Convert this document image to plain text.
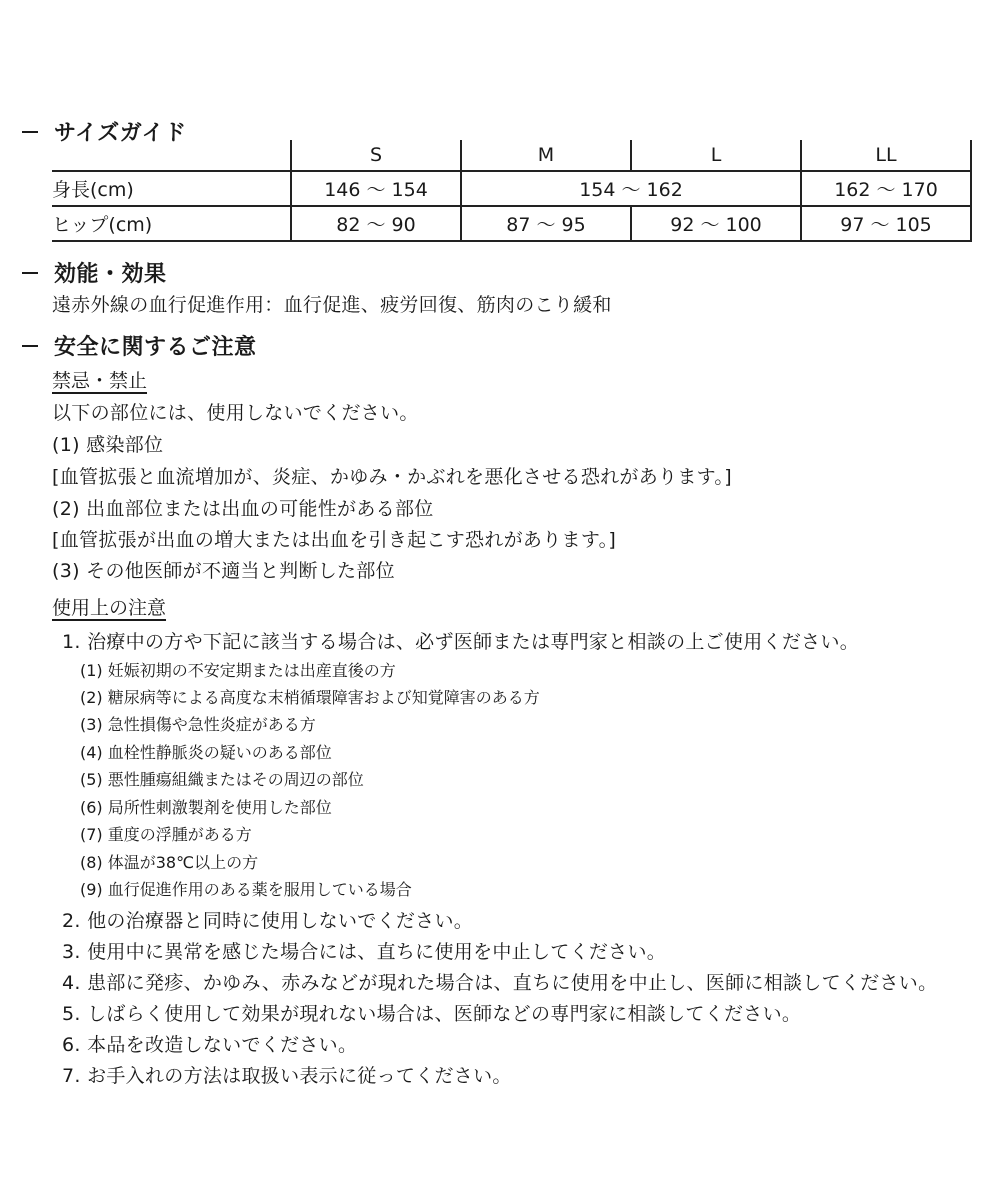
サイズガイド
	S	M	L	LL
身長(cm)	146 〜 154	154 〜 162		162 〜 170
ヒップ(cm)	82 〜 90	87 〜 95	92 〜 100	97 〜 105
効能・効果
遠赤外線の血行促進作用：血行促進、疲労回復、筋肉のこり緩和
安全に関するご注意
禁忌・禁止
以下の部位には、使用しないでください。
(1) 感染部位
[血管拡張と血流増加が、炎症、かゆみ・かぶれを悪化させる恐れがあります。]
(2) 出血部位または出血の可能性がある部位
[血管拡張が出血の増大または出血を引き起こす恐れがあります。]
(3) その他医師が不適当と判断した部位
使用上の注意
1. 治療中の方や下記に該当する場合は、必ず医師または専門家と相談の上ご使用ください。
(1) 妊娠初期の不安定期または出産直後の方
(2) 糖尿病等による高度な末梢循環障害および知覚障害のある方
(3) 急性損傷や急性炎症がある方
(4) 血栓性静脈炎の疑いのある部位
(5) 悪性腫瘍組織またはその周辺の部位
(6) 局所性刺激製剤を使用した部位
(7) 重度の浮腫がある方
(8) 体温が38℃以上の方
(9) 血行促進作用のある薬を服用している場合
2. 他の治療器と同時に使用しないでください。
3. 使用中に異常を感じた場合には、直ちに使用を中止してください。
4. 患部に発疹、かゆみ、赤みなどが現れた場合は、直ちに使用を中止し、医師に相談してください。
5. しばらく使用して効果が現れない場合は、医師などの専門家に相談してください。
6. 本品を改造しないでください。
7. お手入れの方法は取扱い表示に従ってください。
